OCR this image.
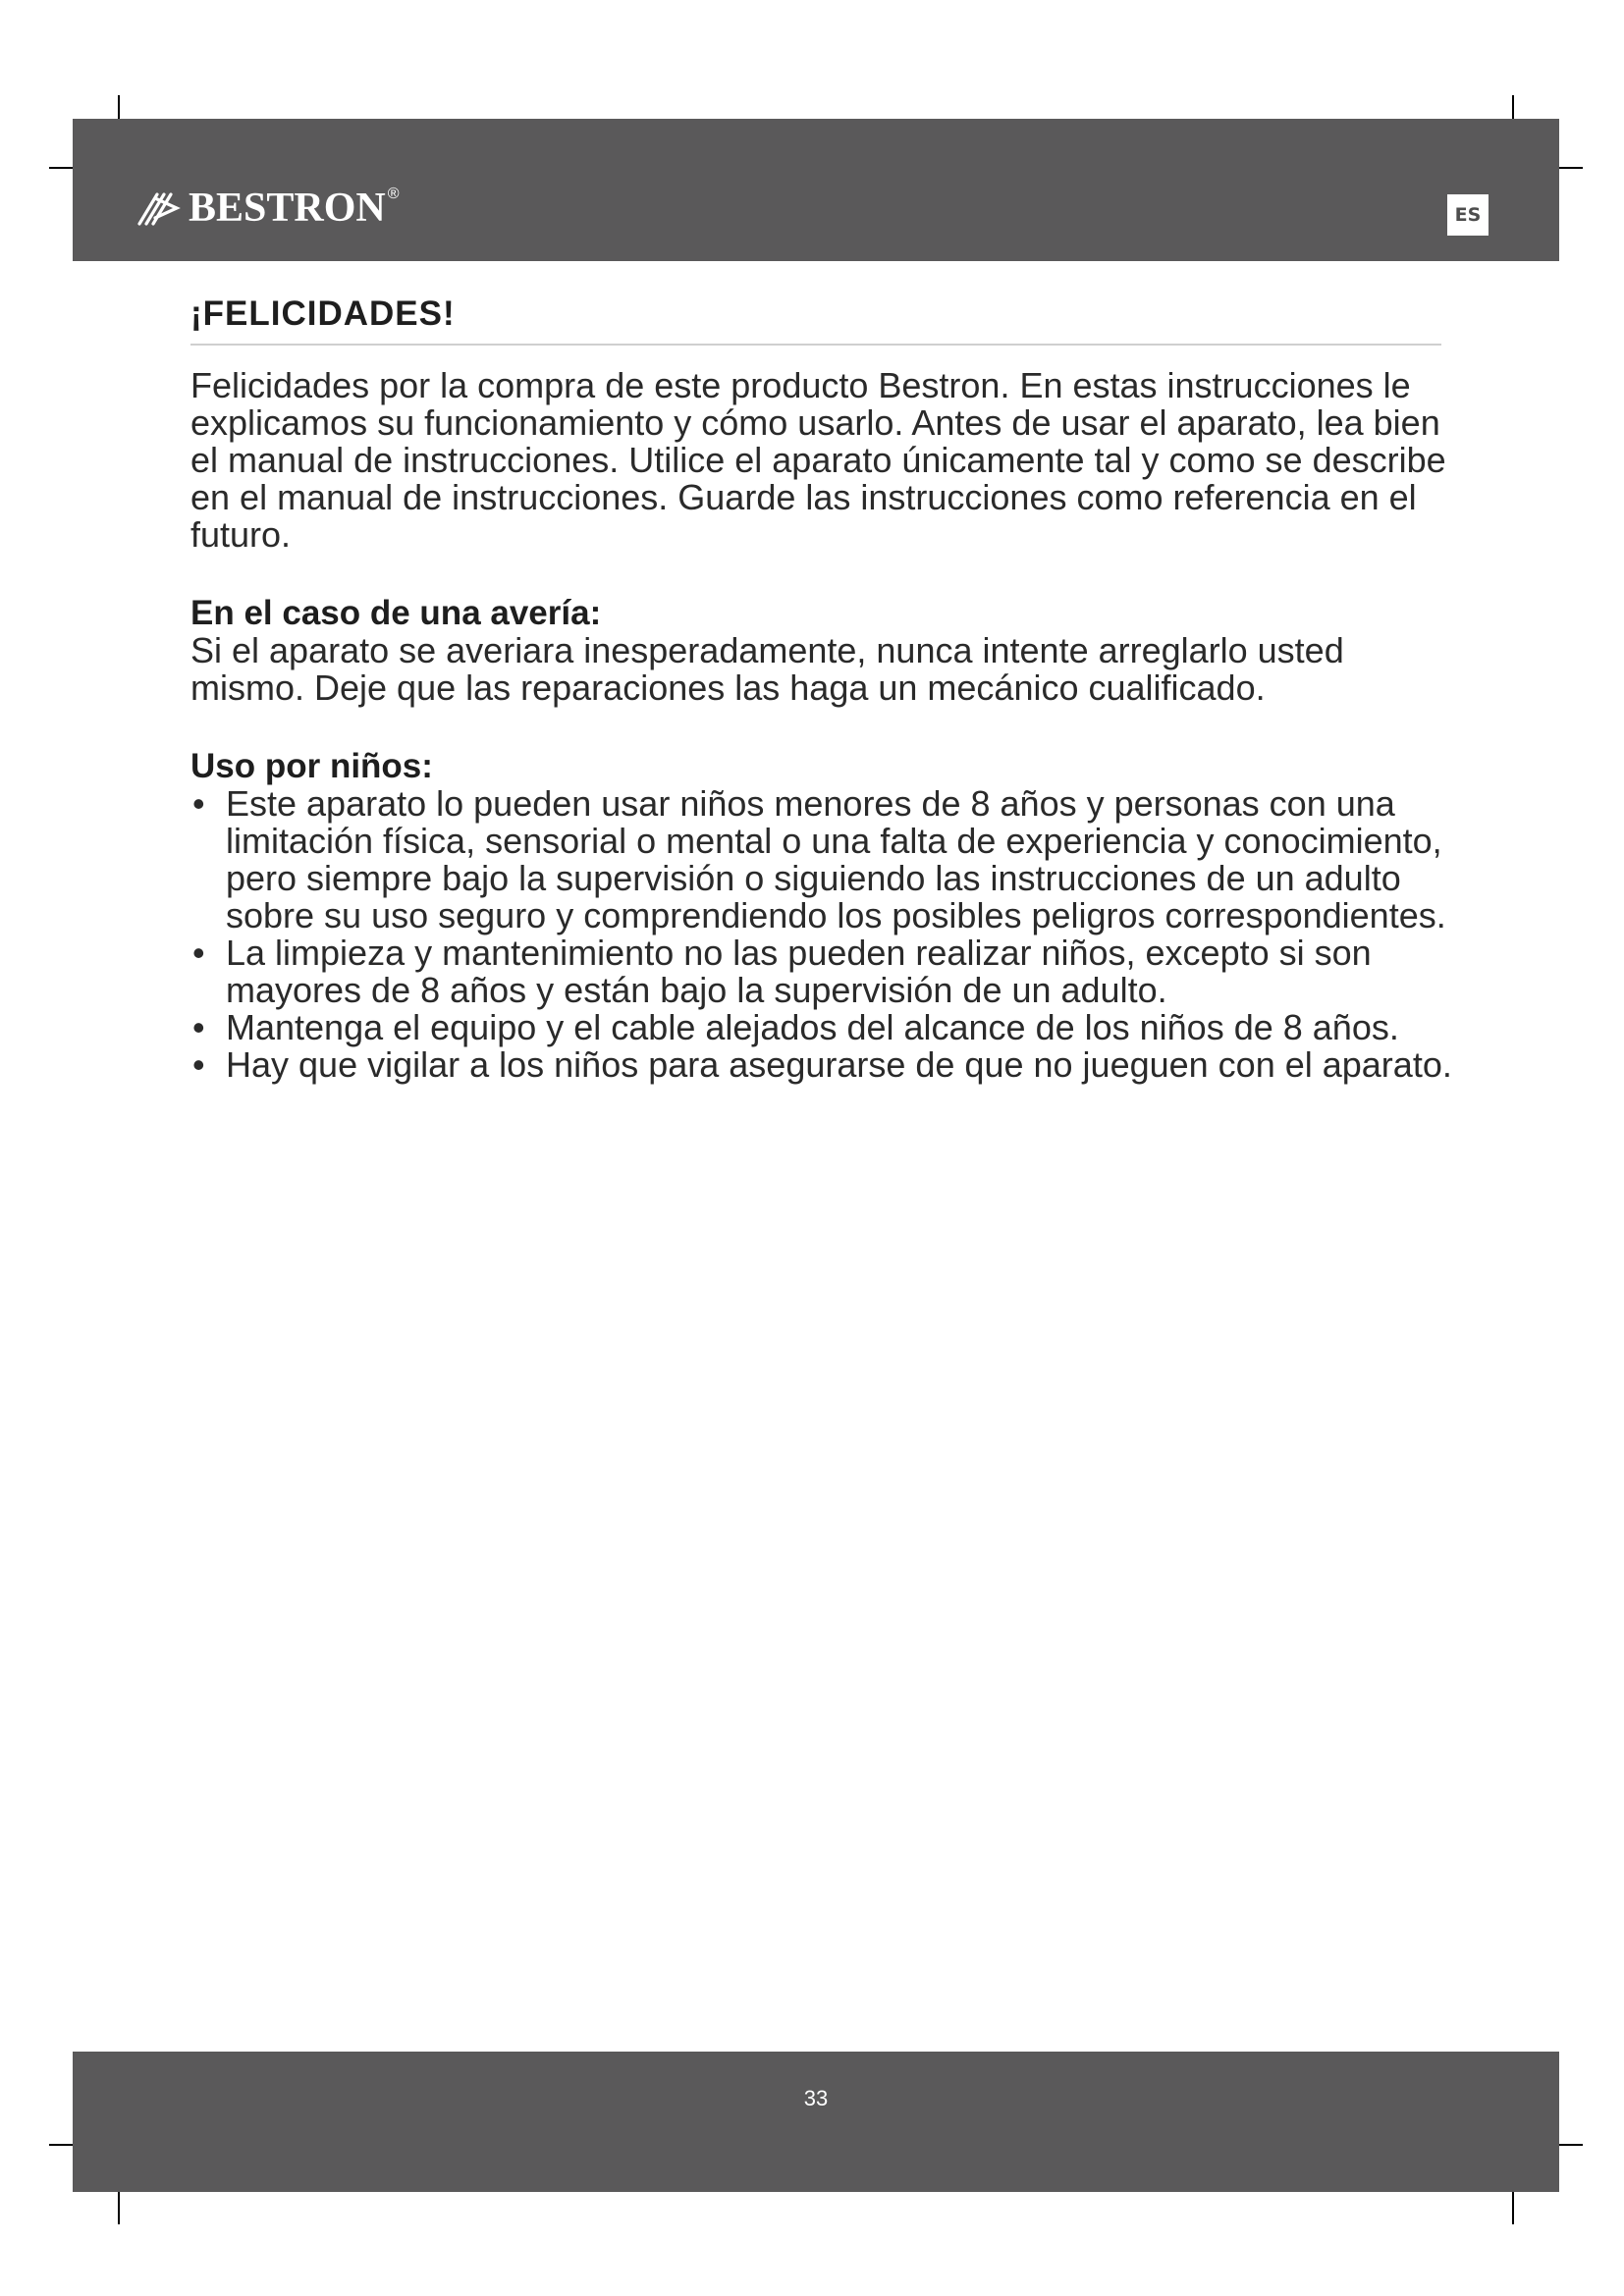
BESTRON ®
ES
¡FELICIDADES!

Felicidades por la compra de este producto Bestron. En estas instrucciones le explicamos su funcionamiento y cómo usarlo. Antes de usar el aparato, lea bien el manual de instrucciones. Utilice el aparato únicamente tal y como se describe en el manual de instrucciones. Guarde las instrucciones como referencia en el futuro.

En el caso de una avería:

Si el aparato se averiara inesperadamente, nunca intente arreglarlo usted mismo. Deje que las reparaciones las haga un mecánico cualificado.

Uso por niños:
• Este aparato lo pueden usar niños menores de 8 años y personas con una limitación física, sensorial o mental o una falta de experiencia y conocimiento, pero siempre bajo la supervisión o siguiendo las instrucciones de un adulto sobre su uso seguro y comprendiendo los posibles peligros correspondientes.
• La limpieza y mantenimiento no las pueden realizar niños, excepto si son mayores de 8 años y están bajo la supervisión de un adulto.
• Mantenga el equipo y el cable alejados del alcance de los niños de 8 años.
• Hay que vigilar a los niños para asegurarse de que no jueguen con el aparato.
33
